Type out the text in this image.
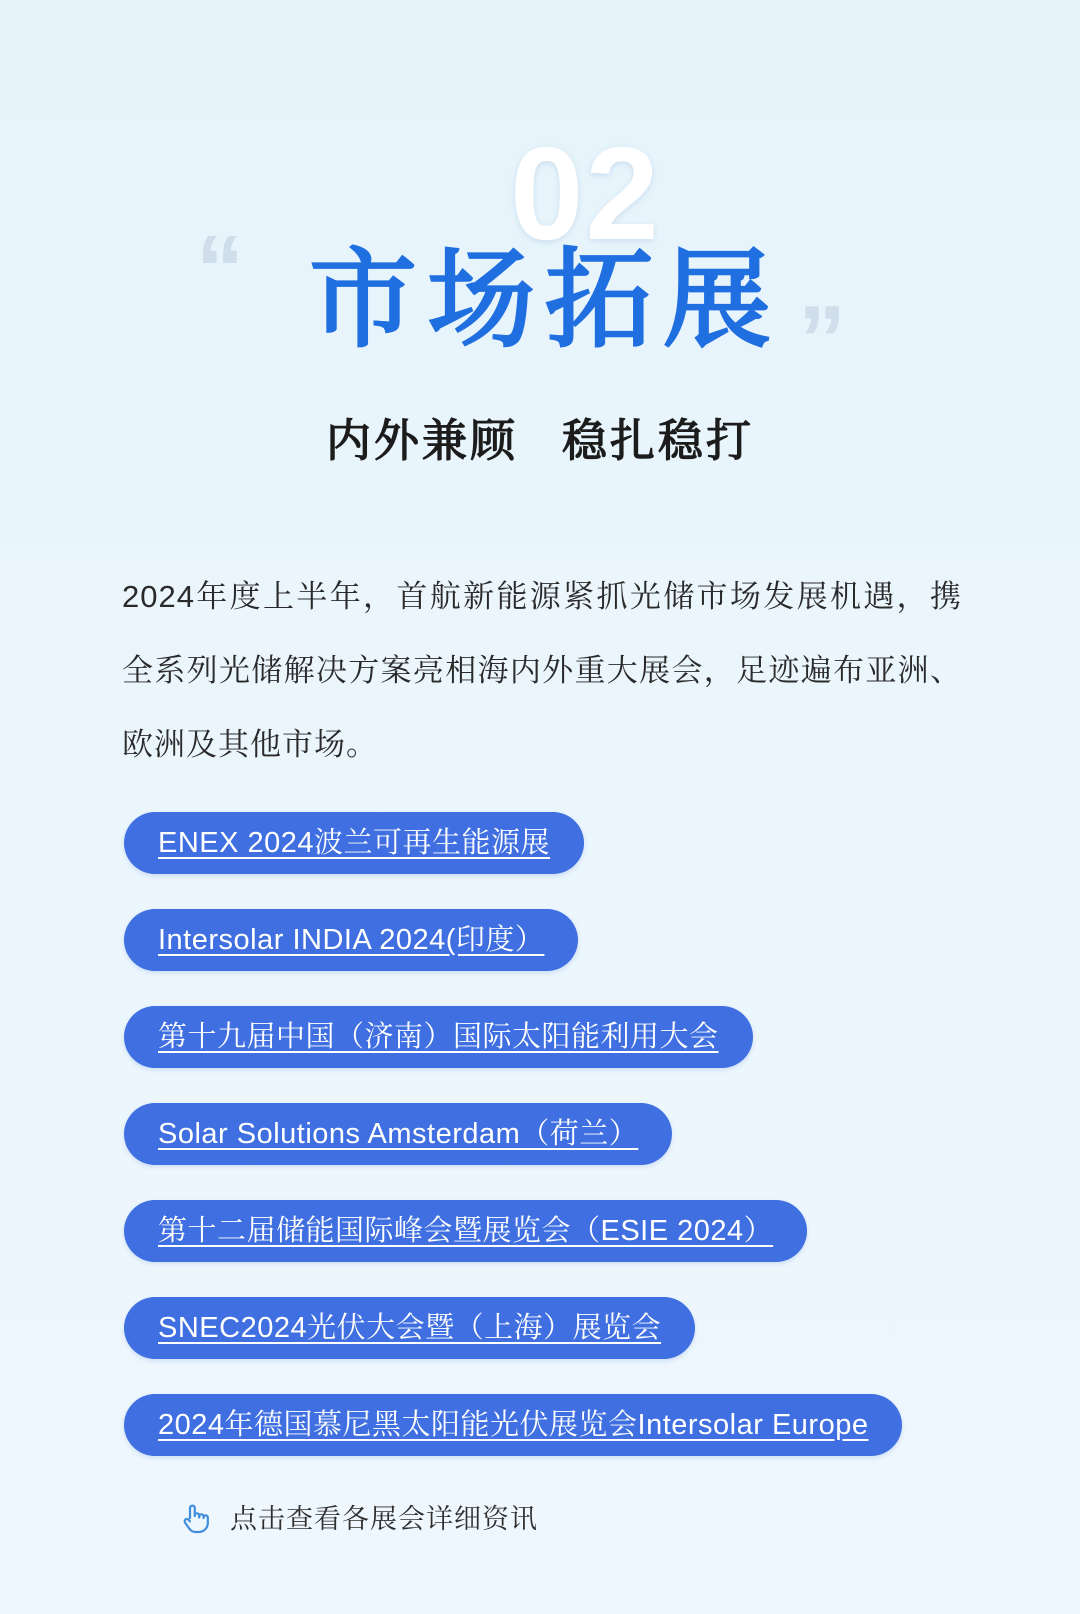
02
“
”
市场拓展
内外兼顾 稳扎稳打
2024年度上半年，首航新能源紧抓光储市场发展机遇，携全系列光储解决方案亮相海内外重大展会，足迹遍布亚洲、欧洲及其他市场。
ENEX 2024波兰可再生能源展
Intersolar INDIA 2024(印度）
第十九届中国（济南）国际太阳能利用大会
Solar Solutions Amsterdam（荷兰）
第十二届储能国际峰会暨展览会（ESIE 2024）
SNEC2024光伏大会暨（上海）展览会
2024年德国慕尼黑太阳能光伏展览会Intersolar Europe
点击查看各展会详细资讯
